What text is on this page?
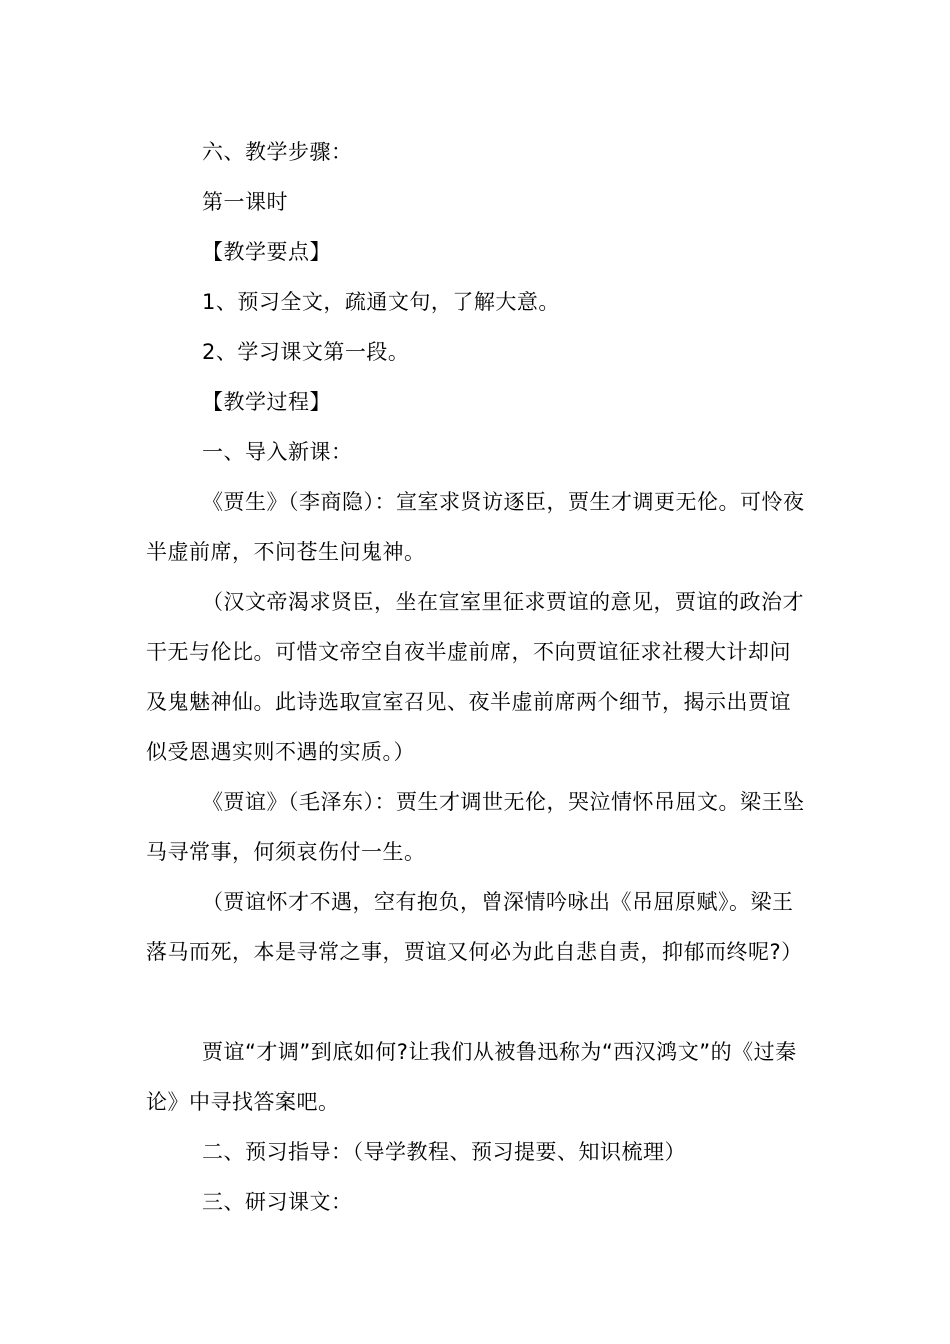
六、教学步骤：

第一课时

【教学要点】

1、预习全文，疏通文句，了解大意。

2、学习课文第一段。

【教学过程】

一、导入新课：

《贾生》（李商隐）：宣室求贤访逐臣，贾生才调更无伦。可怜夜半虚前席，不问苍生问鬼神。

（汉文帝渴求贤臣，坐在宣室里征求贾谊的意见，贾谊的政治才干无与伦比。可惜文帝空自夜半虚前席，不向贾谊征求社稷大计却问及鬼魅神仙。此诗选取宣室召见、夜半虚前席两个细节，揭示出贾谊似受恩遇实则不遇的实质。）

《贾谊》（毛泽东）：贾生才调世无伦，哭泣情怀吊屈文。梁王坠马寻常事，何须哀伤付一生。

（贾谊怀才不遇，空有抱负，曾深情吟咏出《吊屈原赋》。梁王落马而死，本是寻常之事，贾谊又何必为此自悲自责，抑郁而终呢?）

贾谊“才调”到底如何?让我们从被鲁迅称为“西汉鸿文”的《过秦论》中寻找答案吧。

二、预习指导：（导学教程、预习提要、知识梳理）

三、研习课文：
